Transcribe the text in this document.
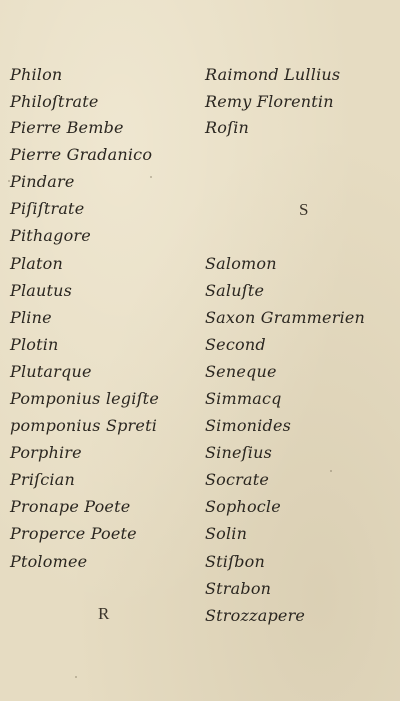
Philon
Philoſtrate
Pierre Bembe
Pierre Gradanico
Pindare
Piſiſtrate
Pithagore
Platon
Plautus
Pline
Plotin
Plutarque
Pomponius legiſte
pomponius Spreti
Porphire
Priſcian
Pronape Poete
Properce Poete
Ptolomee
R
Raimond Lullius
Remy Florentin
Roſin
S
Salomon
Saluſte
Saxon Grammerien
Second
Seneque
Simmacq
Simonides
Sineſius
Socrate
Sophocle
Solin
Stiſbon
Strabon
Strozzapere
